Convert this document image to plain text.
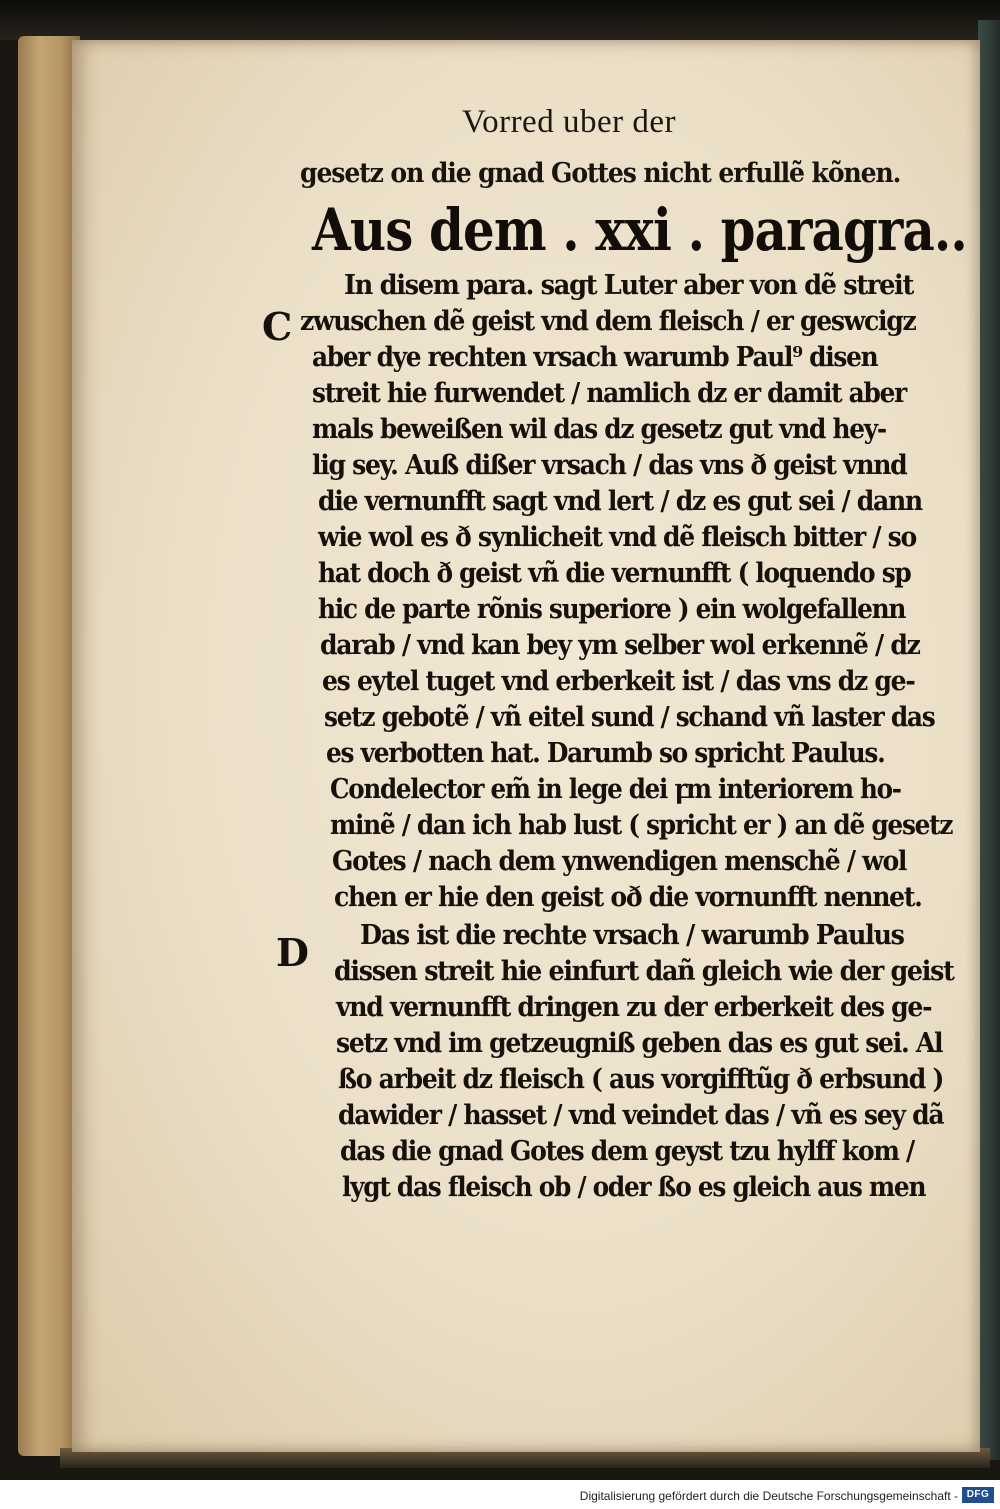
Vorred uber der
gesetz on die gnad Gottes nicht erfullẽ kõnen.
Aus dem . xxi . paragra..
C
D
In disem para. sagt Luter aber von dẽ streit
zwuschen dẽ geist vnd dem fleisch / er geswcigz
aber dye rechten vrsach warumb Paul⁹ disen
streit hie furwendet / namlich dz er damit aber
mals beweißen wil das dz gesetz gut vnd hey-
lig sey. Auß dißer vrsach / das vns ð geist vnnd
die vernunfft sagt vnd lert / dz es gut sei / dann
wie wol es ð synlicheit vnd dẽ fleisch bitter / so
hat doch ð geist vñ die vernunfft ( loquendo sp
hic de parte rõnis superiore ) ein wolgefallenn
darab / vnd kan bey ym selber wol erkennẽ / dz
es eytel tuget vnd erberkeit ist / das vns dz ge-
setz gebotẽ / vñ eitel sund / schand vñ laster das
es verbotten hat. Darumb so spricht Paulus.
Condelector em̃ in lege dei ꝼm interiorem ho-
minẽ / dan ich hab lust ( spricht er ) an dẽ gesetz
Gotes / nach dem ynwendigen menschẽ / wol
chen er hie den geist oð die vornunfft nennet.
Das ist die rechte vrsach / warumb Paulus
dissen streit hie einfurt dañ gleich wie der geist
vnd vernunfft dringen zu der erberkeit des ge-
setz vnd im getzeugniß geben das es gut sei. Al
ßo arbeit dz fleisch ( aus vorgifftũg ð erbsund )
dawider / hasset / vnd veindet das / vñ es sey dã
das die gnad Gotes dem geyst tzu hylff kom /
lygt das fleisch ob / oder ßo es gleich aus men
Digitalisierung gefördert durch die Deutsche Forschungsgemeinschaft - DFG
